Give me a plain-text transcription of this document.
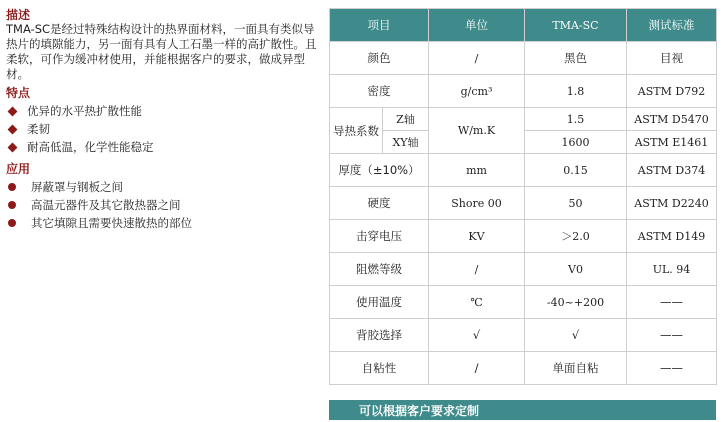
描述
TMA-SC是经过特殊结构设计的热界面材料，一面具有类似导热片的填隙能力，另一面有具有人工石墨一样的高扩散性。且柔软，可作为缓冲材使用，并能根据客户的要求，做成异型材。
特点
优异的水平热扩散性能
柔韧
耐高低温，化学性能稳定
应用
屏蔽罩与钢板之间
高温元器件及其它散热器之间
其它填隙且需要快速散热的部位
项目		单位	TMA-SC	测试标准
颜色		/	黑色	目视
密度		g/cm³	1.8	ASTM D792
导热系数	Z轴	W/m.K	1.5	ASTM D5470
	XY轴		1600	ASTM E1461
厚度（±10%）		mm	0.15	ASTM D374
硬度		Shore 00	50	ASTM D2240
击穿电压		KV	＞2.0	ASTM D149
阻燃等级		/	V0	UL. 94
使用温度		℃	-40~+200	——
背胶选择		√	√	——
自粘性		/	单面自粘	——
可以根据客户要求定制
